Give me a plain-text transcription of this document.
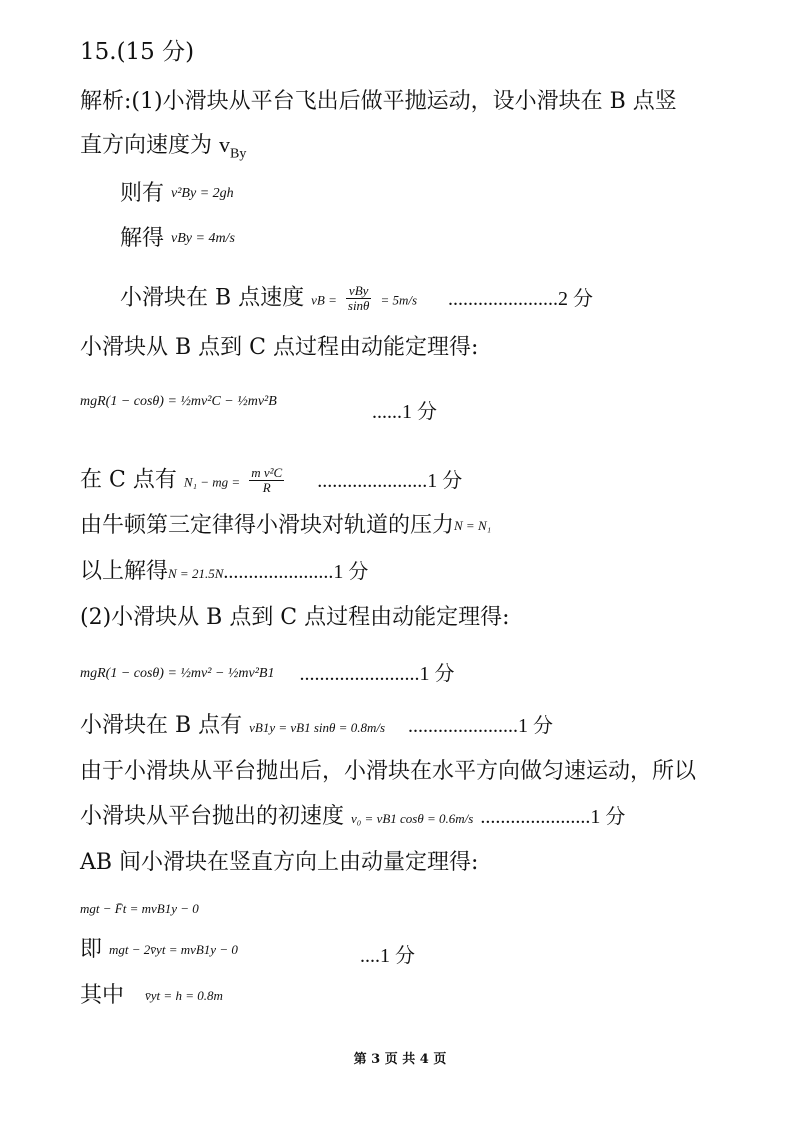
15.(15 分)
解析:(1)小滑块从平台飞出后做平抛运动，设小滑块在 B 点竖
直方向速度为 $v_{By}$
则有 v²By = 2gh
解得 vBy = 4m/s
小滑块在 B 点速度 vB = $\frac{\text{vBy}}{\sin\theta} = 5m/s$ ......................2 分
小滑块从 B 点到 C 点过程由动能定理得:
mgR(1 − cosθ) = ½mv²C − ½mv²B	......1 分
在 C 点有 N₁ − mg = $\frac{\text{m v²C}}{R} ......................1$ 分
由牛顿第三定律得小滑块对轨道的压力$^{N = N_1}$
以上解得N = 21.5N......................1 分
(2)小滑块从 B 点到 C 点过程由动能定理得:
mgR(1 − cosθ) = ½mv² − ½mv²B1 ........................1 分
小滑块在 B 点有 vB1y = vB1 sinθ = 0.8m/s ......................1 分
由于小滑块从平台抛出后，小滑块在水平方向做匀速运动，所以
小滑块从平台抛出的初速度 v₀ = vB1 cosθ = 0.6m/s ......................1 分
AB 间小滑块在竖直方向上由动量定理得:
mgt − F̄t = mvB1y − 0
即 $^{mgt - 2v̄yt = mvB1y - 0}$	....1 分
其中 $^{v̄yt = h = 0.8m}$
第 3 页 共 4 页
